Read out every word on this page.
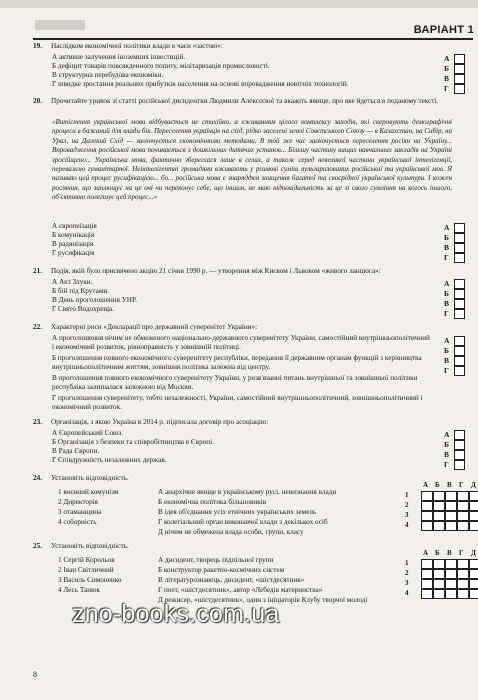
ВАРІАНТ 1
19. Наслідком економічної політики влади в часи «застою»:
А активне залучення іноземних інвестицій.
Б дефіцит товарів повсякденного попиту, мілітаризація промисловості.
В структурна перебудова економіки.
Г швидке зростання реальних прибутків населення на основі впровадження новітніх технологій.
А
Б
В
Г
20. Прочитайте уривок зі статті російської дисидентки Людмили Алексєєвої та вкажіть явище, про яке йдеться в поданому тексті.
«Витіснення української мови відбувається не стихійно, а еживанням цілого комплексу заходів, які скеровують демографічні процеси в бажаний для влади бік. Переселення українців на схід, рідко заселені землі Совєтського Союзу — в Казахстан, на Сибір, на Урал, на Далекий Схід — заохочується економічними методами. В той же час заохочується переселення росіян на Україну... Впровадження російської мови починається з дошкільних дитячих установ... Більшу частину вищих навчальних закладів на Україні зросійщено... Українська мова, фактично збереглася лише в селах, а також серед невеликої частини української інтелігенції, переважно гуманітарної. Неінтелігентні громадяни вживають у розмові суміш вульгаризованих російської та української мов. Я називаю цей процес русифікацією... бо... російська мова є знаряддям знищення багатої та своєрідної української культури. І кожен росіянин, що заплющує на це очі чи переконує себе, що іншим, не маю відповідальність за це зі свого сумління на когось іншого, об'єктивно полегшує цей процес...»
А європеїзація
Б комунікація
В радянізація
Г русифікація
А
Б
В
Г
21. Подія, якій було присвячено акцію 21 січня 1990 р. — утворення між Києвом і Львовом «живого ланцюга»:
А Акт Злуки.
Б бій під Крутами.
В День проголошення УНР.
Г Свято Водохреща.
А
Б
В
Г
22. Характерні риси «Декларації про державний суверенітет України»:
А проголошення нічим не обмеженого національно-державного суверенітету України, самостійний внутрішньополітичний і економічний розвиток, рівноправність у зовнішній політиці.
Б проголошення повного економічного суверенітету республіки, передання її державним органам функцій з керівництва внутрішньополітичним життям, зовнішня політика залежна від центру.
В проголошення повного економічного суверенітету України, у розв'язанні питань внутрішньої та зовнішньої політики республіка залишалася залежною від Москви.
Г проголошення суверенітету, тобто незалежності, України, самостійний внутрішньополітичний, зовнішньополітичний і економічний розвиток.
А
Б
В
Г
23. Організація, з якою Україна в 2014 р. підписала договір про асоціацію:
А Європейський Союз.
Б Організація з безпеки та співробітництва в Європі.
В Рада Європи.
Г Співдружність незалежних держав.
А
Б
В
Г
24. Установіть відповідність.
1 воєнний комунізм
2 Директорія
3 отаманщина
4 соборність
А анархічне явище в українському русі, невизнання влади
Б економічна політика більшовиків
В ідея об'єднання усіх етнічних українських земель
Г колегіальний орган виконавчої влади з декількох осіб
Д нічим не обмежена влада особи, групи, класу
А Б В Г Д
1
2
3
4
25. Установіть відповідність.
1 Сергій Корольов
2 Іван Світличний
3 Василь Симоненко
4 Лесь Танюк
А дисидент, творець підпільної групи
Б конструктор ракетно-космічних систем
В літературознавець, дисидент, «шістдесятник»
Г поет, «шістдесятник», автор «Лебедів материнства»
Д режисер, «шістдесятник», один з ініціаторів Клубу творчої молоді
А Б В Г Д
1
2
3
4
zno-books.com.ua
8
